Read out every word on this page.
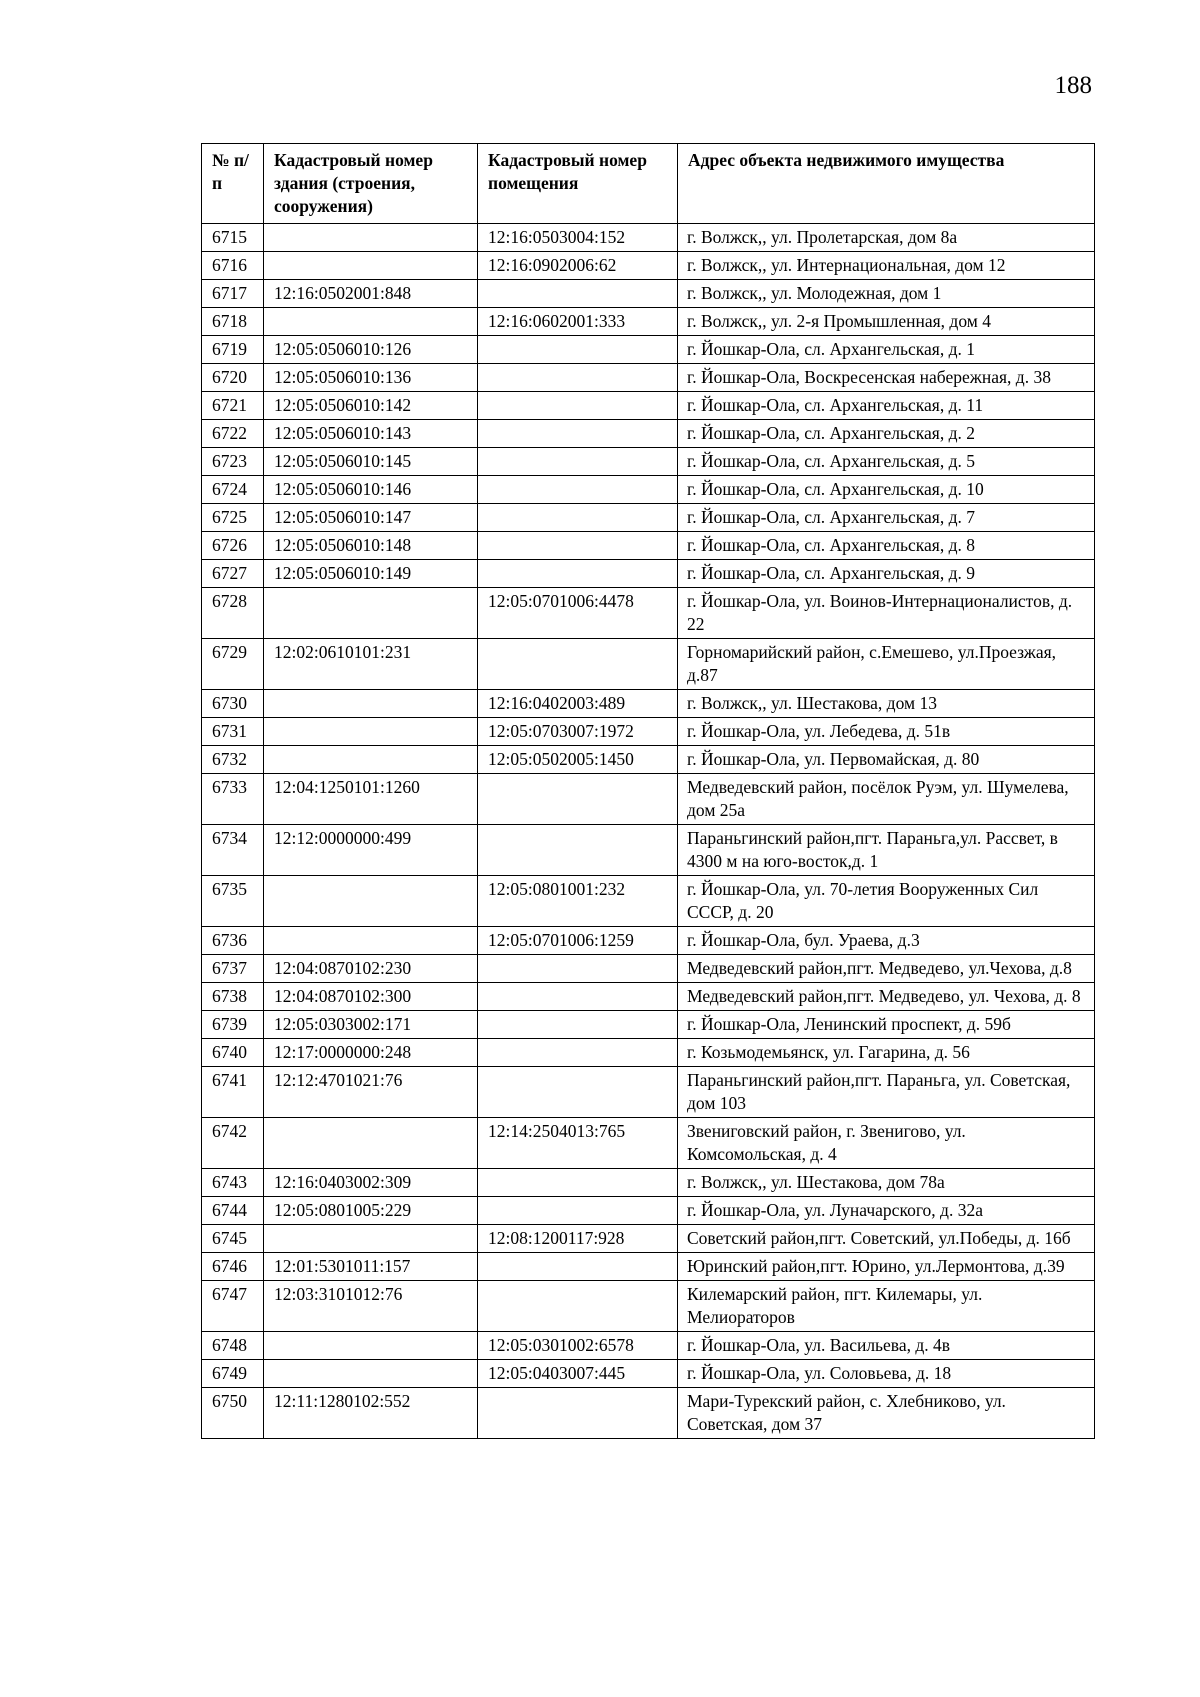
188
№ п/п	Кадастровый номер здания (строения, сооружения)	Кадастровый номер помещения	Адрес объекта недвижимого имущества
6715		12:16:0503004:152	г. Волжск,, ул. Пролетарская, дом 8а
6716		12:16:0902006:62	г. Волжск,, ул. Интернациональная, дом 12
6717	12:16:0502001:848		г. Волжск,, ул. Молодежная, дом 1
6718		12:16:0602001:333	г. Волжск,, ул. 2-я Промышленная, дом 4
6719	12:05:0506010:126		г. Йошкар-Ола, сл. Архангельская, д. 1
6720	12:05:0506010:136		г. Йошкар-Ола, Воскресенская набережная, д. 38
6721	12:05:0506010:142		г. Йошкар-Ола, сл. Архангельская, д. 11
6722	12:05:0506010:143		г. Йошкар-Ола, сл. Архангельская, д. 2
6723	12:05:0506010:145		г. Йошкар-Ола, сл. Архангельская, д. 5
6724	12:05:0506010:146		г. Йошкар-Ола, сл. Архангельская, д. 10
6725	12:05:0506010:147		г. Йошкар-Ола, сл. Архангельская, д. 7
6726	12:05:0506010:148		г. Йошкар-Ола, сл. Архангельская, д. 8
6727	12:05:0506010:149		г. Йошкар-Ола, сл. Архангельская, д. 9
6728		12:05:0701006:4478	г. Йошкар-Ола, ул. Воинов-Интернационалистов, д. 22
6729	12:02:0610101:231		Горномарийский район, с.Емешево, ул.Проезжая, д.87
6730		12:16:0402003:489	г. Волжск,, ул. Шестакова, дом 13
6731		12:05:0703007:1972	г. Йошкар-Ола, ул. Лебедева, д. 51в
6732		12:05:0502005:1450	г. Йошкар-Ола, ул. Первомайская, д. 80
6733	12:04:1250101:1260		Медведевский район, посёлок Руэм, ул. Шумелева, дом 25а
6734	12:12:0000000:499		Параньгинский район,пгт. Параньга,ул. Рассвет, в 4300 м на юго-восток,д. 1
6735		12:05:0801001:232	г. Йошкар-Ола, ул. 70-летия Вооруженных Сил СССР, д. 20
6736		12:05:0701006:1259	г. Йошкар-Ола, бул. Ураева, д.3
6737	12:04:0870102:230		Медведевский район,пгт. Медведево, ул.Чехова, д.8
6738	12:04:0870102:300		Медведевский район,пгт. Медведево, ул. Чехова, д. 8
6739	12:05:0303002:171		г. Йошкар-Ола, Ленинский проспект, д. 59б
6740	12:17:0000000:248		г. Козьмодемьянск, ул. Гагарина, д. 56
6741	12:12:4701021:76		Параньгинский район,пгт. Параньга, ул. Советская, дом 103
6742		12:14:2504013:765	Звениговский район, г. Звенигово, ул. Комсомольская, д. 4
6743	12:16:0403002:309		г. Волжск,, ул. Шестакова, дом 78а
6744	12:05:0801005:229		г. Йошкар-Ола, ул. Луначарского, д. 32а
6745		12:08:1200117:928	Советский район,пгт. Советский, ул.Победы, д. 16б
6746	12:01:5301011:157		Юринский район,пгт. Юрино, ул.Лермонтова, д.39
6747	12:03:3101012:76		Килемарский район, пгт. Килемары, ул. Мелиораторов
6748		12:05:0301002:6578	г. Йошкар-Ола, ул. Васильева, д. 4в
6749		12:05:0403007:445	г. Йошкар-Ола, ул. Соловьева, д. 18
6750	12:11:1280102:552		Мари-Турекский район, с. Хлебниково, ул. Советская, дом 37
